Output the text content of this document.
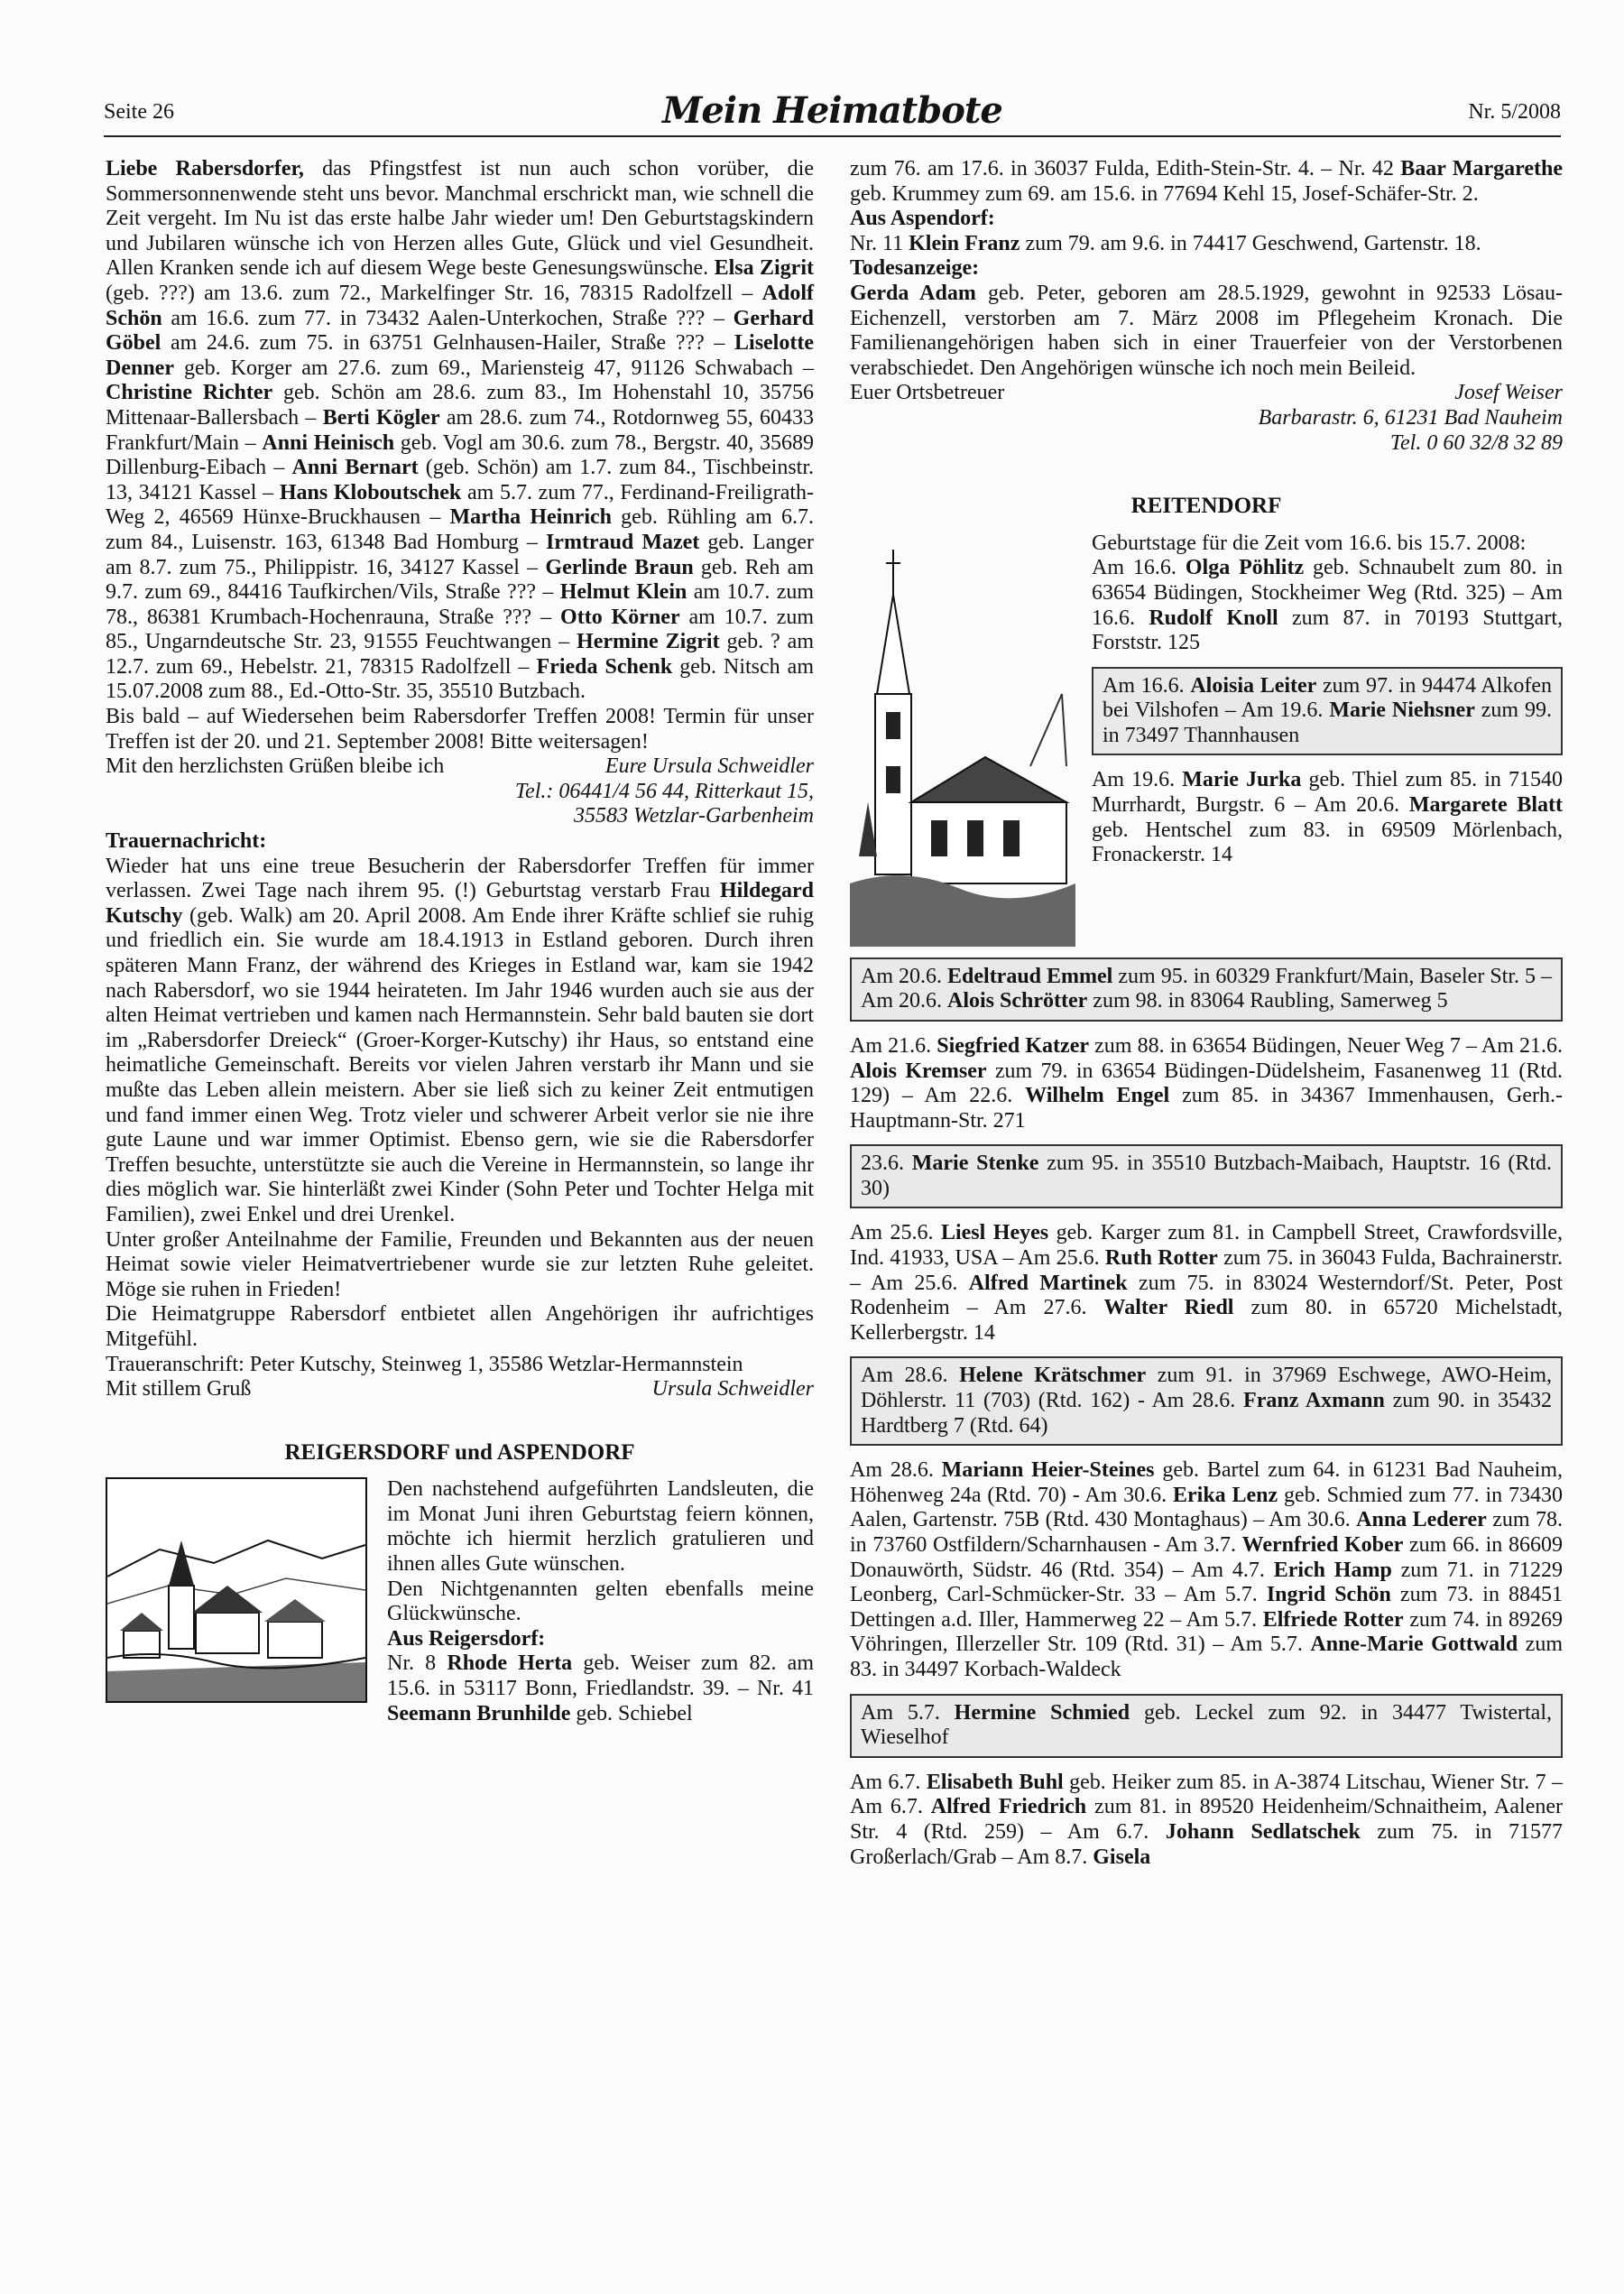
Seite 26	Mein Heimatbote	Nr. 5/2008

Liebe Rabersdorfer, das Pfingstfest ist nun auch schon vorüber, die Sommersonnenwende steht uns bevor. Manchmal erschrickt man, wie schnell die Zeit vergeht. Im Nu ist das erste halbe Jahr wieder um! Den Geburtstagskindern und Jubilaren wünsche ich von Herzen alles Gute, Glück und viel Gesundheit. Allen Kranken sende ich auf diesem Wege beste Genesungswünsche. Elsa Zigrit (geb. ???) am 13.6. zum 72., Markelfinger Str. 16, 78315 Radolfzell – Adolf Schön am 16.6. zum 77. in 73432 Aalen-Unterkochen, Straße ??? – Gerhard Göbel am 24.6. zum 75. in 63751 Gelnhausen-Hailer, Straße ??? – Liselotte Denner geb. Korger am 27.6. zum 69., Mariensteig 47, 91126 Schwabach – Christine Richter geb. Schön am 28.6. zum 83., Im Hohenstahl 10, 35756 Mittenaar-Ballersbach – Berti Kögler am 28.6. zum 74., Rotdornweg 55, 60433 Frankfurt/Main – Anni Heinisch geb. Vogl am 30.6. zum 78., Bergstr. 40, 35689 Dillenburg-Eibach – Anni Bernart (geb. Schön) am 1.7. zum 84., Tischbeinstr. 13, 34121 Kassel – Hans Kloboutschek am 5.7. zum 77., Ferdinand-Freiligrath-Weg 2, 46569 Hünxe-Bruckhausen – Martha Heinrich geb. Rühling am 6.7. zum 84., Luisenstr. 163, 61348 Bad Homburg – Irmtraud Mazet geb. Langer am 8.7. zum 75., Philippistr. 16, 34127 Kassel – Gerlinde Braun geb. Reh am 9.7. zum 69., 84416 Taufkirchen/Vils, Straße ??? – Helmut Klein am 10.7. zum 78., 86381 Krumbach-Hochenrauna, Straße ??? – Otto Körner am 10.7. zum 85., Ungarndeutsche Str. 23, 91555 Feuchtwangen – Hermine Zigrit geb. ? am 12.7. zum 69., Hebelstr. 21, 78315 Radolfzell – Frieda Schenk geb. Nitsch am 15.07.2008 zum 88., Ed.-Otto-Str. 35, 35510 Butzbach.

Bis bald – auf Wiedersehen beim Rabersdorfer Treffen 2008! Termin für unser Treffen ist der 20. und 21. September 2008! Bitte weitersagen!

Mit den herzlichsten Grüßen bleibe ich	Eure Ursula Schweidler

Tel.: 06441/4 56 44, Ritterkaut 15,

35583 Wetzlar-Garbenheim

Trauernachricht:

Wieder hat uns eine treue Besucherin der Rabersdorfer Treffen für immer verlassen. Zwei Tage nach ihrem 95. (!) Geburtstag verstarb Frau Hildegard Kutschy (geb. Walk) am 20. April 2008. Am Ende ihrer Kräfte schlief sie ruhig und friedlich ein. Sie wurde am 18.4.1913 in Estland geboren. Durch ihren späteren Mann Franz, der während des Krieges in Estland war, kam sie 1942 nach Rabersdorf, wo sie 1944 heirateten. Im Jahr 1946 wurden auch sie aus der alten Heimat vertrieben und kamen nach Hermannstein. Sehr bald bauten sie dort im „Rabersdorfer Dreieck“ (Groer-Korger-Kutschy) ihr Haus, so entstand eine heimatliche Gemeinschaft. Bereits vor vielen Jahren verstarb ihr Mann und sie mußte das Leben allein meistern. Aber sie ließ sich zu keiner Zeit entmutigen und fand immer einen Weg. Trotz vieler und schwerer Arbeit verlor sie nie ihre gute Laune und war immer Optimist. Ebenso gern, wie sie die Rabersdorfer Treffen besuchte, unterstützte sie auch die Vereine in Hermannstein, so lange ihr dies möglich war. Sie hinterläßt zwei Kinder (Sohn Peter und Tochter Helga mit Familien), zwei Enkel und drei Urenkel.

Unter großer Anteilnahme der Familie, Freunden und Bekannten aus der neuen Heimat sowie vieler Heimatvertriebener wurde sie zur letzten Ruhe geleitet. Möge sie ruhen in Frieden!

Die Heimatgruppe Rabersdorf entbietet allen Angehörigen ihr aufrichtiges Mitgefühl.

Traueranschrift: Peter Kutschy, Steinweg 1, 35586 Wetzlar-Hermannstein

Mit stillem Gruß	Ursula Schweidler
REIGERSDORF und ASPENDORF

Den nachstehend aufgeführten Landsleuten, die im Monat Juni ihren Geburtstag feiern können, möchte ich hiermit herzlich gratulieren und ihnen alles Gute wünschen.

Den Nichtgenannten gelten ebenfalls meine Glückwünsche.

Aus Reigersdorf:

Nr. 8 Rhode Herta geb. Weiser zum 82. am 15.6. in 53117 Bonn, Friedlandstr. 39. – Nr. 41 Seemann Brunhilde geb. Schiebel

zum 76. am 17.6. in 36037 Fulda, Edith-Stein-Str. 4. – Nr. 42 Baar Margarethe geb. Krummey zum 69. am 15.6. in 77694 Kehl 15, Josef-Schäfer-Str. 2.

Aus Aspendorf:

Nr. 11 Klein Franz zum 79. am 9.6. in 74417 Geschwend, Gartenstr. 18.

Todesanzeige:

Gerda Adam geb. Peter, geboren am 28.5.1929, gewohnt in 92533 Lösau-Eichenzell, verstorben am 7. März 2008 im Pflegeheim Kronach. Die Familienangehörigen haben sich in einer Trauerfeier von der Verstorbenen verabschiedet. Den Angehörigen wünsche ich noch mein Beileid.

Euer Ortsbetreuer	Josef Weiser

Barbarastr. 6, 61231 Bad Nauheim

Tel. 0 60 32/8 32 89

REITENDORF

Geburtstage für die Zeit vom 16.6. bis 15.7. 2008:

Am 16.6. Olga Pöhlitz geb. Schnaubelt zum 80. in 63654 Büdingen, Stockheimer Weg (Rtd. 325) – Am 16.6. Rudolf Knoll zum 87. in 70193 Stuttgart, Forststr. 125

Am 16.6. Aloisia Leiter zum 97. in 94474 Alkofen bei Vilshofen – Am 19.6. Marie Niehsner zum 99. in 73497 Thannhausen

Am 19.6. Marie Jurka geb. Thiel zum 85. in 71540 Murrhardt, Burgstr. 6 – Am 20.6. Margarete Blatt geb. Hentschel zum 83. in 69509 Mörlenbach, Fronackerstr. 14

Am 20.6. Edeltraud Emmel zum 95. in 60329 Frankfurt/Main, Baseler Str. 5 – Am 20.6. Alois Schrötter zum 98. in 83064 Raubling, Samerweg 5

Am 21.6. Siegfried Katzer zum 88. in 63654 Büdingen, Neuer Weg 7 – Am 21.6. Alois Kremser zum 79. in 63654 Büdingen-Düdelsheim, Fasanenweg 11 (Rtd. 129) – Am 22.6. Wilhelm Engel zum 85. in 34367 Immenhausen, Gerh.-Hauptmann-Str. 271

23.6. Marie Stenke zum 95. in 35510 Butzbach-Maibach, Hauptstr. 16 (Rtd. 30)

Am 25.6. Liesl Heyes geb. Karger zum 81. in Campbell Street, Crawfordsville, Ind. 41933, USA – Am 25.6. Ruth Rotter zum 75. in 36043 Fulda, Bachrainerstr. – Am 25.6. Alfred Martinek zum 75. in 83024 Westerndorf/St. Peter, Post Rodenheim – Am 27.6. Walter Riedl zum 80. in 65720 Michelstadt, Kellerbergstr. 14

Am 28.6. Helene Krätschmer zum 91. in 37969 Eschwege, AWO-Heim, Döhlerstr. 11 (703) (Rtd. 162) - Am 28.6. Franz Axmann zum 90. in 35432 Hardtberg 7 (Rtd. 64)

Am 28.6. Mariann Heier-Steines geb. Bartel zum 64. in 61231 Bad Nauheim, Höhenweg 24a (Rtd. 70) - Am 30.6. Erika Lenz geb. Schmied zum 77. in 73430 Aalen, Gartenstr. 75B (Rtd. 430 Montaghaus) – Am 30.6. Anna Lederer zum 78. in 73760 Ostfildern/Scharnhausen - Am 3.7. Wernfried Kober zum 66. in 86609 Donauwörth, Südstr. 46 (Rtd. 354) – Am 4.7. Erich Hamp zum 71. in 71229 Leonberg, Carl-Schmücker-Str. 33 – Am 5.7. Ingrid Schön zum 73. in 88451 Dettingen a.d. Iller, Hammerweg 22 – Am 5.7. Elfriede Rotter zum 74. in 89269 Vöhringen, Illerzeller Str. 109 (Rtd. 31) – Am 5.7. Anne-Marie Gottwald zum 83. in 34497 Korbach-Waldeck

Am 5.7. Hermine Schmied geb. Leckel zum 92. in 34477 Twistertal, Wieselhof

Am 6.7. Elisabeth Buhl geb. Heiker zum 85. in A-3874 Litschau, Wiener Str. 7 – Am 6.7. Alfred Friedrich zum 81. in 89520 Heidenheim/Schnaitheim, Aalener Str. 4 (Rtd. 259) – Am 6.7. Johann Sedlatschek zum 75. in 71577 Großerlach/Grab – Am 8.7. Gisela
